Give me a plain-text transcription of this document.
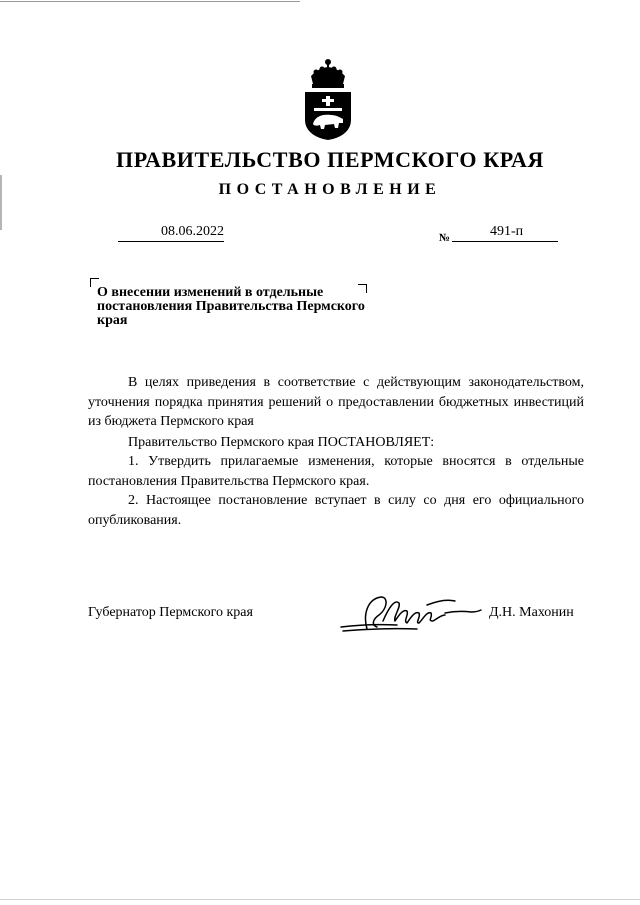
ПРАВИТЕЛЬСТВО ПЕРМСКОГО КРАЯ
ПОСТАНОВЛЕНИЕ
08.06.2022	№	491-п
О внесении изменений в отдельные постановления Правительства Пермского края

В целях приведения в соответствие с действующим законодательством, уточнения порядка принятия решений о предоставлении бюджетных инвестиций из бюджета Пермского края

Правительство Пермского края ПОСТАНОВЛЯЕТ:

1. Утвердить прилагаемые изменения, которые вносятся в отдельные постановления Правительства Пермского края.

2. Настоящее постановление вступает в силу со дня его официального опубликования.

Губернатор Пермского края	Д.Н. Махонин
